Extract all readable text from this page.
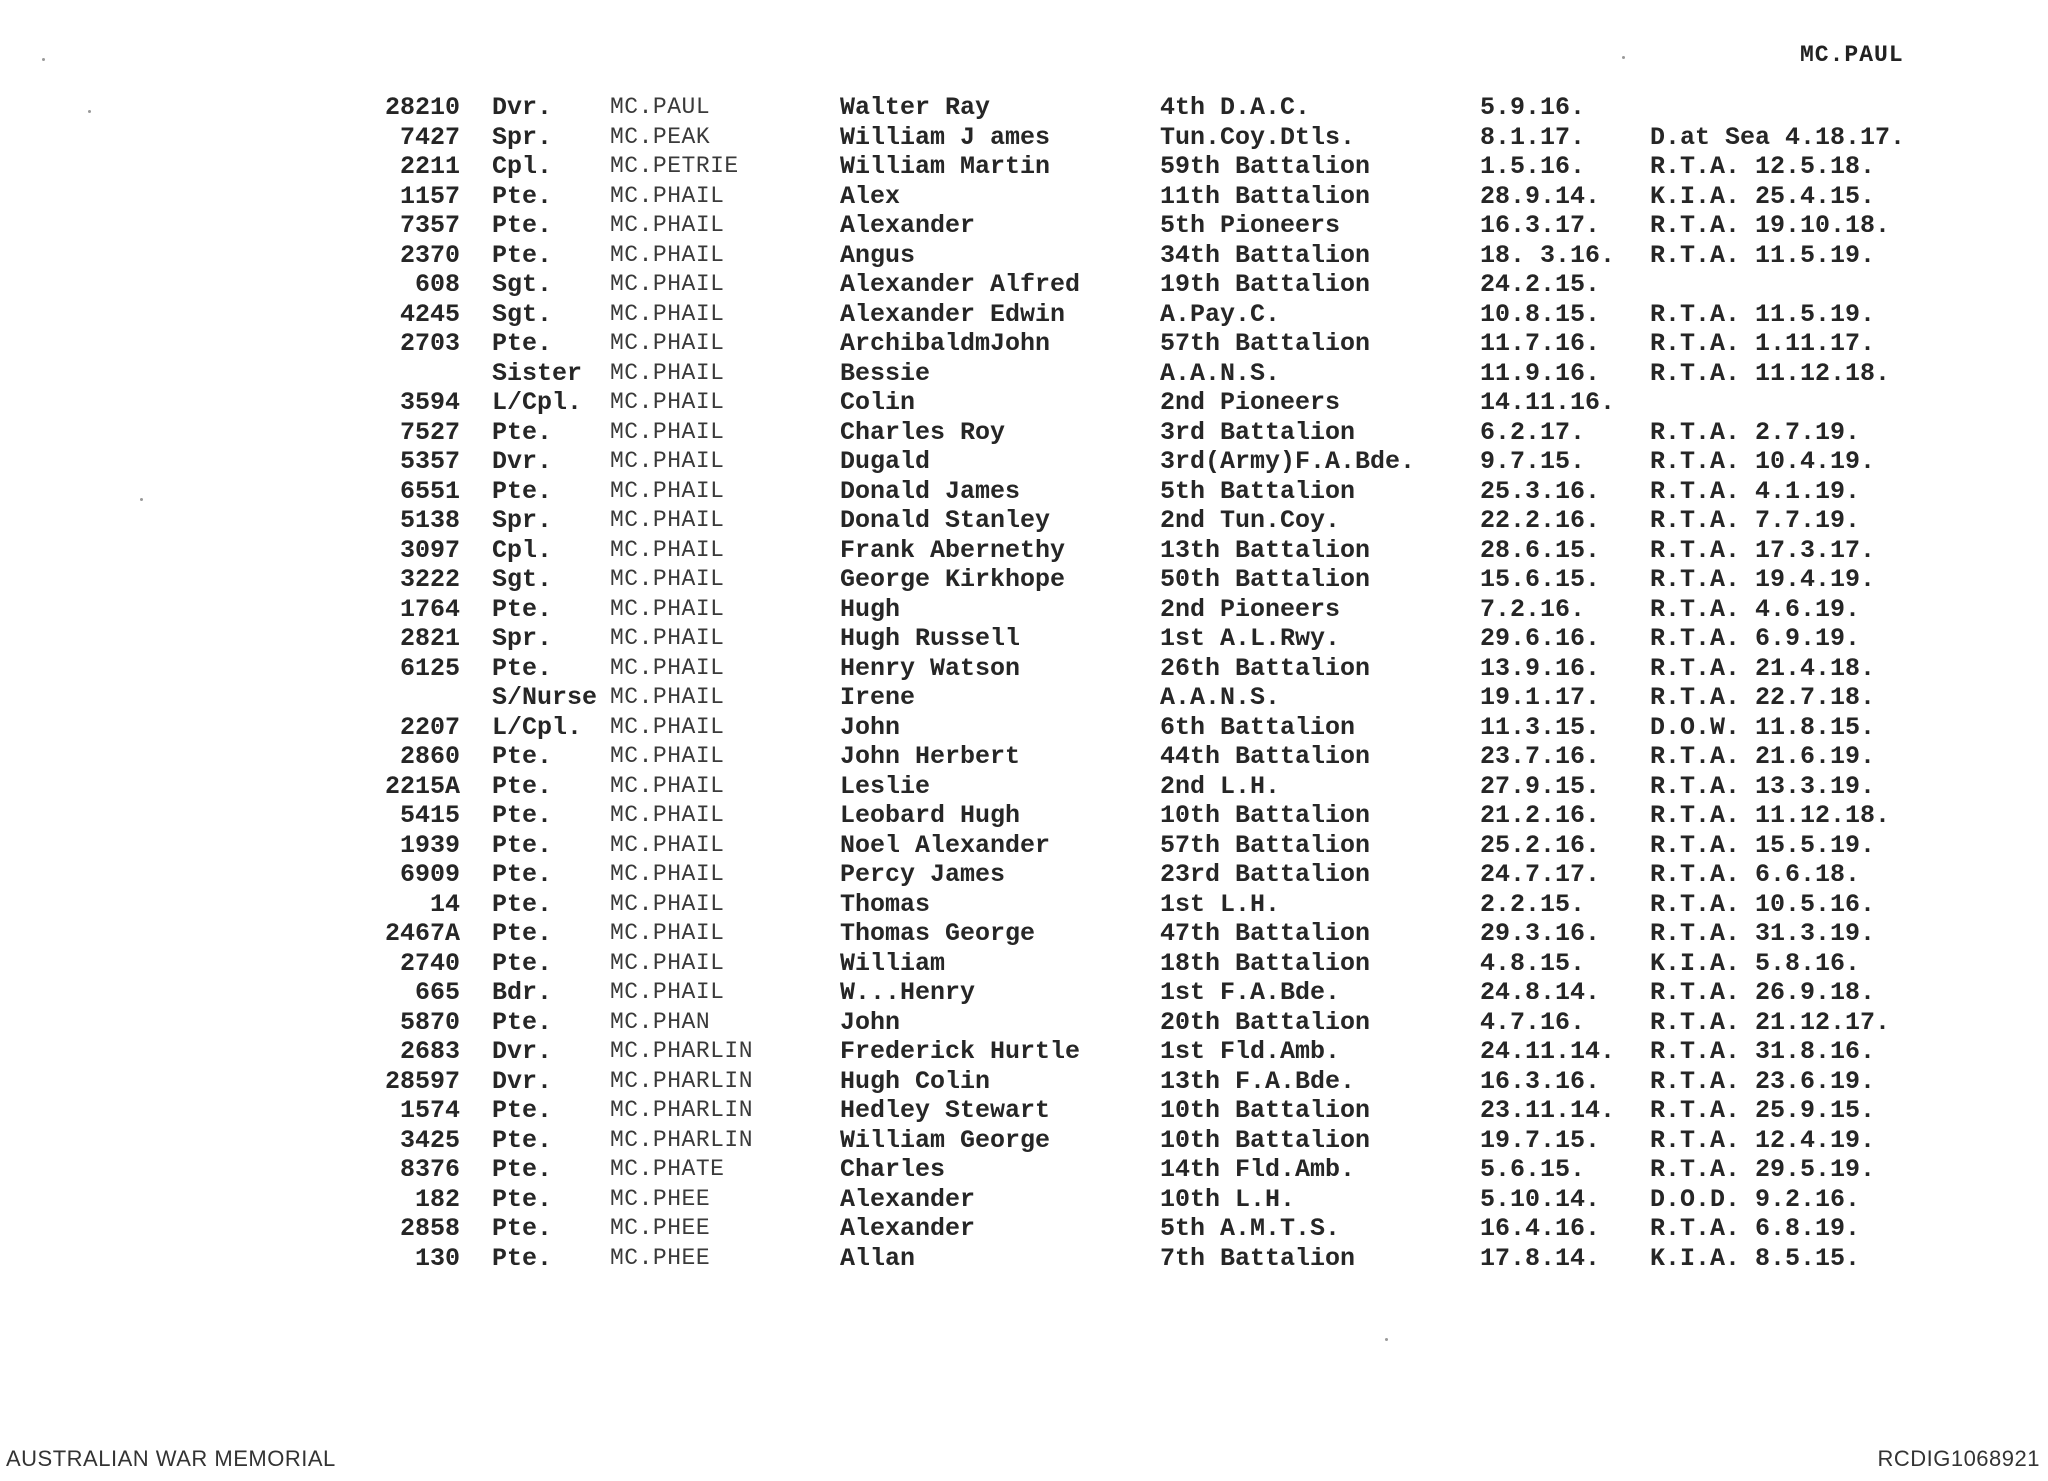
MC.PAUL
28210 Dvr.	MC.PAUL	Walter Ray	4th D.A.C.	5.9.16.
7427 Spr.	MC.PEAK	William J ames	Tun.Coy.Dtls.	8.1.17.	D.at Sea 4.18.17.
2211 Cpl.	MC.PETRIE	William Martin	59th Battalion	1.5.16.	R.T.A. 12.5.18.
1157 Pte.	MC.PHAIL	Alex	11th Battalion	28.9.14.	K.I.A. 25.4.15.
7357 Pte.	MC.PHAIL	Alexander	5th Pioneers	16.3.17.	R.T.A. 19.10.18.
2370 Pte.	MC.PHAIL	Angus	34th Battalion	18. 3.16.	R.T.A. 11.5.19.
608 Sgt.	MC.PHAIL	Alexander Alfred	19th Battalion	24.2.15.
4245 Sgt.	MC.PHAIL	Alexander Edwin	A.Pay.C.	10.8.15.	R.T.A. 11.5.19.
2703 Pte.	MC.PHAIL	ArchibaldmJohn	57th Battalion	11.7.16.	R.T.A. 1.11.17.
Sister	MC.PHAIL	Bessie	A.A.N.S.	11.9.16.	R.T.A. 11.12.18.
3594 L/Cpl.	MC.PHAIL	Colin	2nd Pioneers	14.11.16.
7527 Pte.	MC.PHAIL	Charles Roy	3rd Battalion	6.2.17.	R.T.A. 2.7.19.
5357 Dvr.	MC.PHAIL	Dugald	3rd(Army)F.A.Bde.	9.7.15.	R.T.A. 10.4.19.
6551 Pte.	MC.PHAIL	Donald James	5th Battalion	25.3.16.	R.T.A. 4.1.19.
5138 Spr.	MC.PHAIL	Donald Stanley	2nd Tun.Coy.	22.2.16.	R.T.A. 7.7.19.
3097 Cpl.	MC.PHAIL	Frank Abernethy	13th Battalion	28.6.15.	R.T.A. 17.3.17.
3222 Sgt.	MC.PHAIL	George Kirkhope	50th Battalion	15.6.15.	R.T.A. 19.4.19.
1764 Pte.	MC.PHAIL	Hugh	2nd Pioneers	7.2.16.	R.T.A. 4.6.19.
2821 Spr.	MC.PHAIL	Hugh Russell	1st A.L.Rwy.	29.6.16.	R.T.A. 6.9.19.
6125 Pte.	MC.PHAIL	Henry Watson	26th Battalion	13.9.16.	R.T.A. 21.4.18.
S/Nurse MC.PHAIL	Irene	A.A.N.S.	19.1.17.	R.T.A. 22.7.18.
2207 L/Cpl.	MC.PHAIL	John	6th Battalion	11.3.15.	D.O.W. 11.8.15.
2860 Pte.	MC.PHAIL	John Herbert	44th Battalion	23.7.16.	R.T.A. 21.6.19.
2215A Pte.	MC.PHAIL	Leslie	2nd L.H.	27.9.15.	R.T.A. 13.3.19.
5415 Pte.	MC.PHAIL	Leobard Hugh	10th Battalion	21.2.16.	R.T.A. 11.12.18.
1939 Pte.	MC.PHAIL	Noel Alexander	57th Battalion	25.2.16.	R.T.A. 15.5.19.
6909 Pte.	MC.PHAIL	Percy James	23rd Battalion	24.7.17.	R.T.A. 6.6.18.
14 Pte.	MC.PHAIL	Thomas	1st L.H.	2.2.15.	R.T.A. 10.5.16.
2467A Pte.	MC.PHAIL	Thomas George	47th Battalion	29.3.16.	R.T.A. 31.3.19.
2740 Pte.	MC.PHAIL	William	18th Battalion	4.8.15.	K.I.A. 5.8.16.
665 Bdr.	MC.PHAIL	W...Henry	1st F.A.Bde.	24.8.14.	R.T.A. 26.9.18.
5870 Pte.	MC.PHAN	John	20th Battalion	4.7.16.	R.T.A. 21.12.17.
2683 Dvr.	MC.PHARLIN	Frederick Hurtle	1st Fld.Amb.	24.11.14.	R.T.A. 31.8.16.
28597 Dvr.	MC.PHARLIN	Hugh Colin	13th F.A.Bde.	16.3.16.	R.T.A. 23.6.19.
1574 Pte.	MC.PHARLIN	Hedley Stewart	10th Battalion	23.11.14.	R.T.A. 25.9.15.
3425 Pte.	MC.PHARLIN	William George	10th Battalion	19.7.15.	R.T.A. 12.4.19.
8376 Pte.	MC.PHATE	Charles	14th Fld.Amb.	5.6.15.	R.T.A. 29.5.19.
182 Pte.	MC.PHEE	Alexander	10th L.H.	5.10.14.	D.O.D. 9.2.16.
2858 Pte.	MC.PHEE	Alexander	5th A.M.T.S.	16.4.16.	R.T.A. 6.8.19.
130 Pte.	MC.PHEE	Allan	7th Battalion	17.8.14.	K.I.A. 8.5.15.
AUSTRALIAN WAR MEMORIAL	RCDIG1068921
